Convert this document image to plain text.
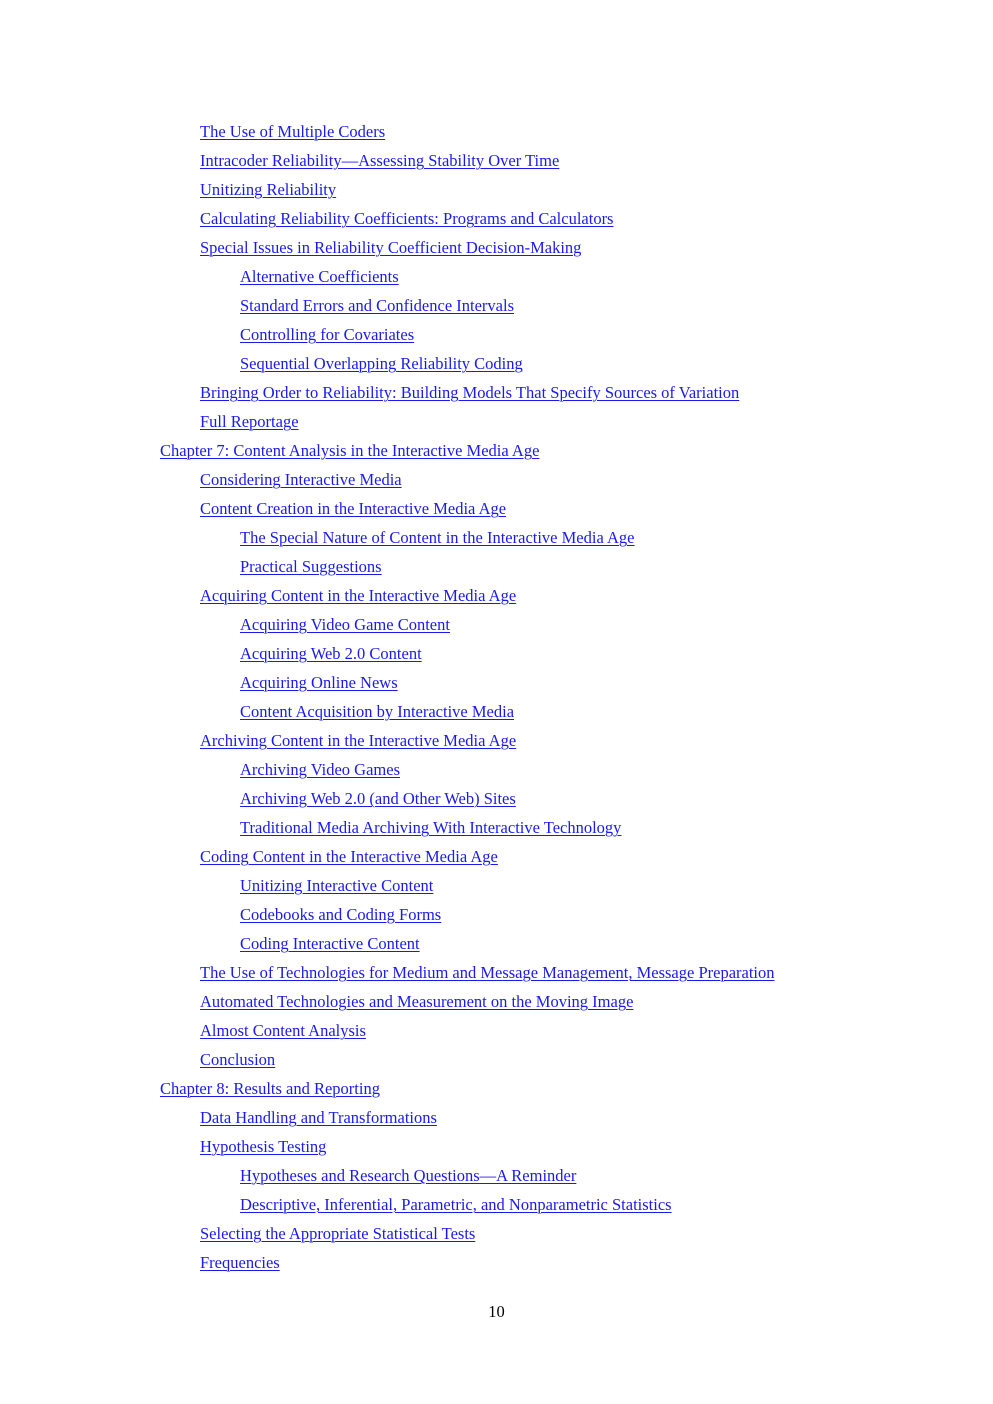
The Use of Multiple Coders
Intracoder Reliability—Assessing Stability Over Time
Unitizing Reliability
Calculating Reliability Coefficients: Programs and Calculators
Special Issues in Reliability Coefficient Decision-Making
Alternative Coefficients
Standard Errors and Confidence Intervals
Controlling for Covariates
Sequential Overlapping Reliability Coding
Bringing Order to Reliability: Building Models That Specify Sources of Variation
Full Reportage
Chapter 7: Content Analysis in the Interactive Media Age
Considering Interactive Media
Content Creation in the Interactive Media Age
The Special Nature of Content in the Interactive Media Age
Practical Suggestions
Acquiring Content in the Interactive Media Age
Acquiring Video Game Content
Acquiring Web 2.0 Content
Acquiring Online News
Content Acquisition by Interactive Media
Archiving Content in the Interactive Media Age
Archiving Video Games
Archiving Web 2.0 (and Other Web) Sites
Traditional Media Archiving With Interactive Technology
Coding Content in the Interactive Media Age
Unitizing Interactive Content
Codebooks and Coding Forms
Coding Interactive Content
The Use of Technologies for Medium and Message Management, Message Preparation
Automated Technologies and Measurement on the Moving Image
Almost Content Analysis
Conclusion
Chapter 8: Results and Reporting
Data Handling and Transformations
Hypothesis Testing
Hypotheses and Research Questions—A Reminder
Descriptive, Inferential, Parametric, and Nonparametric Statistics
Selecting the Appropriate Statistical Tests
Frequencies
10
